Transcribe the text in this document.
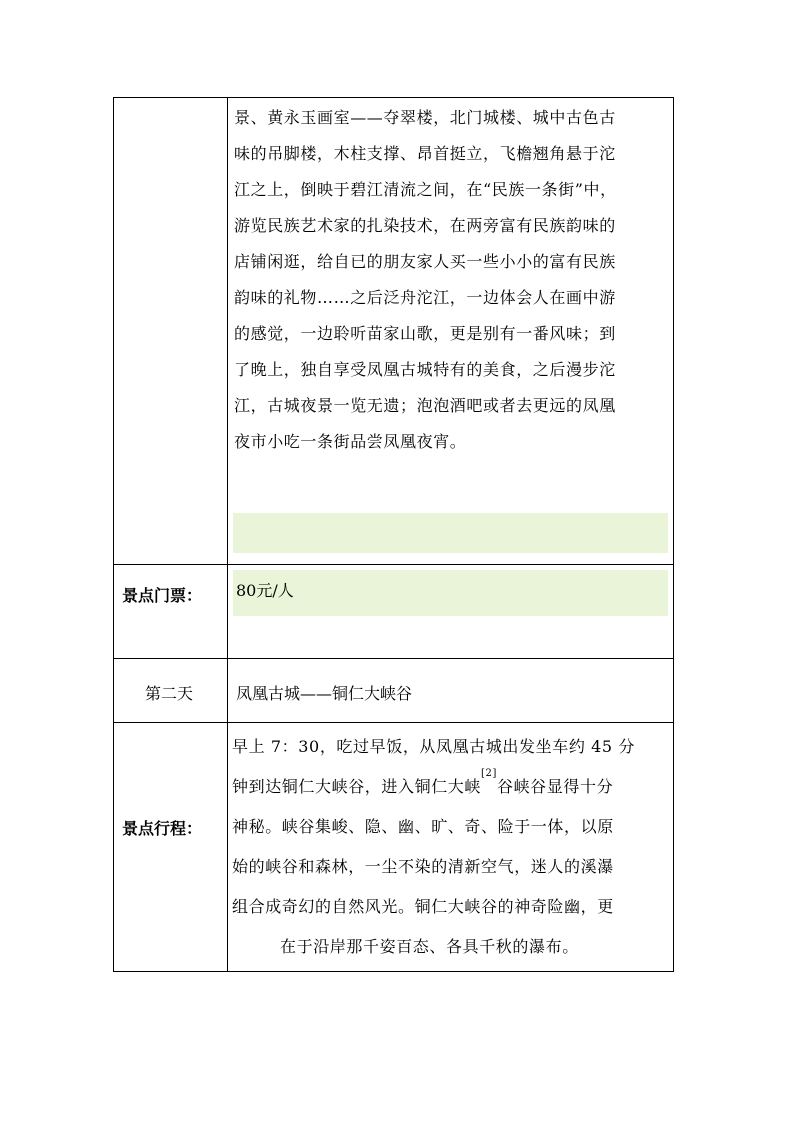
景、黄永玉画室——夺翠楼，北门城楼、城中古色古
味的吊脚楼，木柱支撑、昂首挺立，飞檐翘角悬于沱
江之上，倒映于碧江清流之间，在“民族一条街”中，
游览民族艺术家的扎染技术，在两旁富有民族韵味的
店铺闲逛，给自已的朋友家人买一些小小的富有民族
韵味的礼物……之后泛舟沱江，一边体会人在画中游
的感觉，一边聆听苗家山歌，更是别有一番风味；到
了晚上，独自享受凤凰古城特有的美食，之后漫步沱
江，古城夜景一览无遗；泡泡酒吧或者去更远的凤凰
夜市小吃一条街品尝凤凰夜宵。
景点门票： 80元/人
第二天	凤凰古城——铜仁大峡谷
景点行程：
早上 7：30，吃过早饭，从凤凰古城出发坐车约 45 分
钟到达铜仁大峡谷，进入铜仁大峡[2]谷峡谷显得十分
神秘。峡谷集峻、隐、幽、旷、奇、险于一体，以原
始的峡谷和森林，一尘不染的清新空气，迷人的溪瀑
组合成奇幻的自然风光。铜仁大峡谷的神奇险幽，更
在于沿岸那千姿百态、各具千秋的瀑布。
